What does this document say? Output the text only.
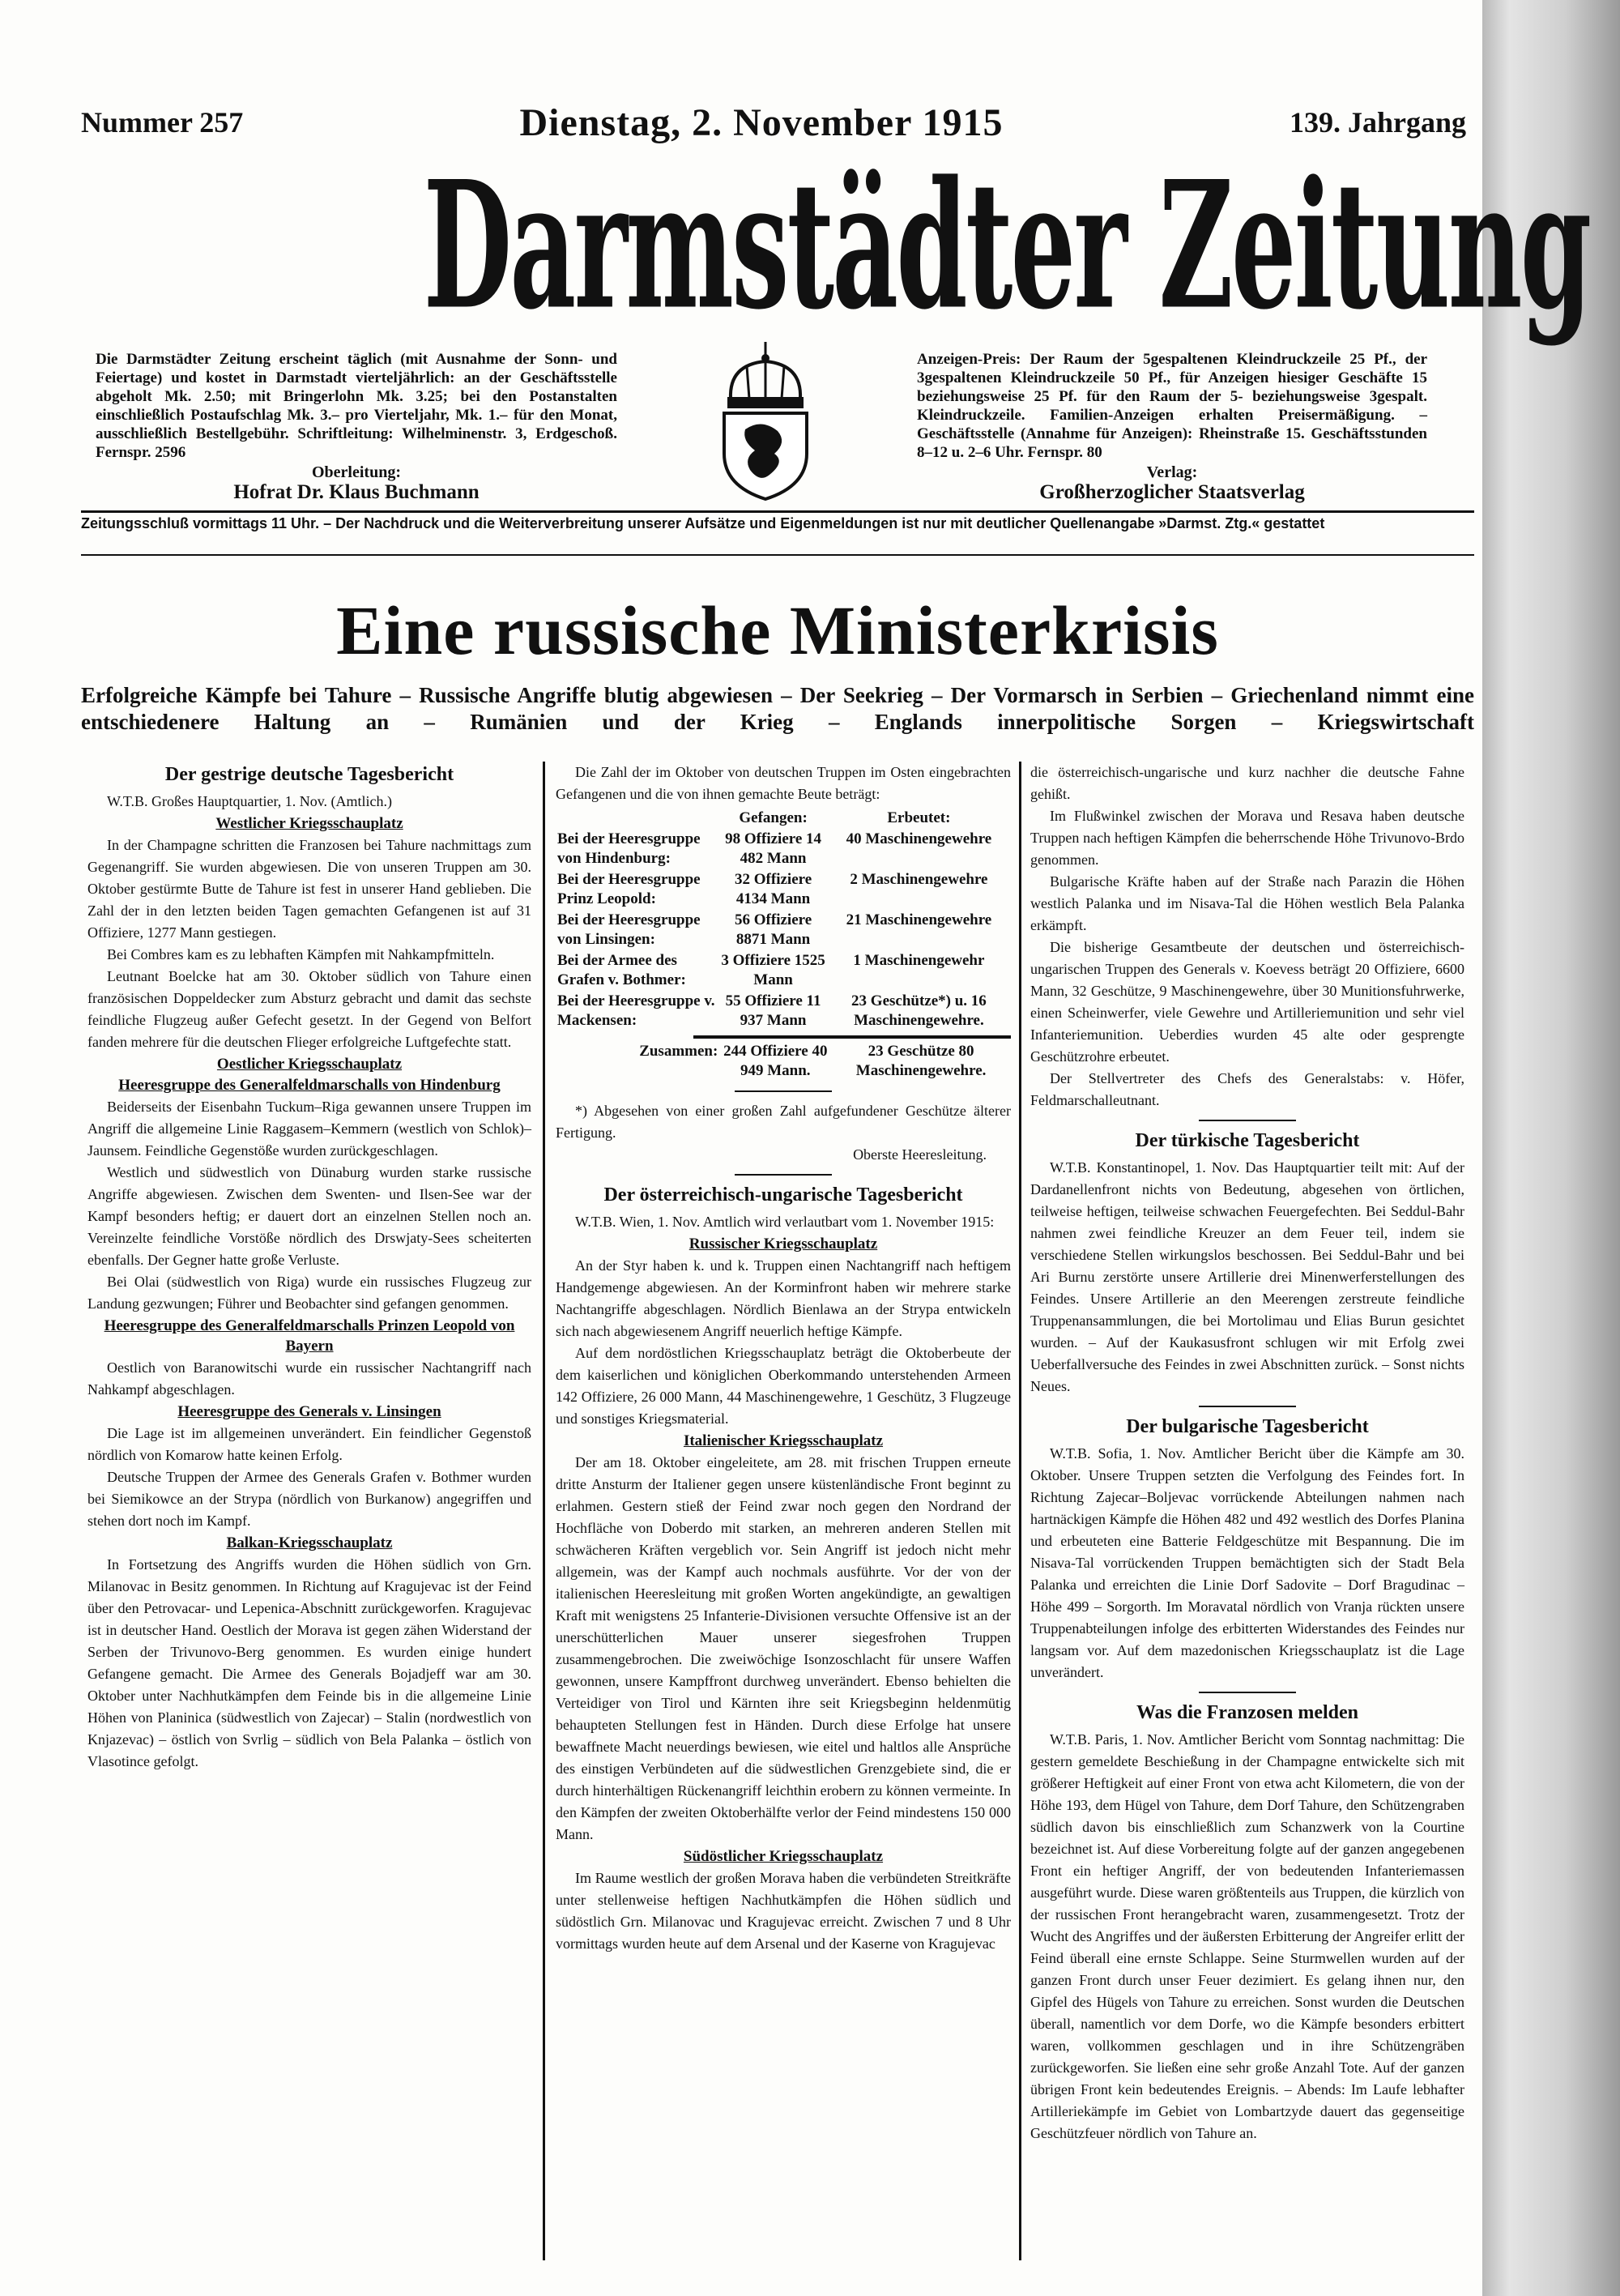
Nummer 257	Dienstag, 2. November 1915	139. Jahrgang
Darmstädter Zeitung
Die Darmstädter Zeitung erscheint täglich (mit Ausnahme der Sonn- und Feiertage) und kostet in Darmstadt vierteljährlich: an der Geschäftsstelle abgeholt Mk. 2.50; mit Bringerlohn Mk. 3.25; bei den Postanstalten einschließlich Postaufschlag Mk. 3.– pro Vierteljahr, Mk. 1.– für den Monat, ausschließlich Bestellgebühr. Schriftleitung: Wilhelminenstr. 3, Erdgeschoß. Fernspr. 2596
Oberleitung:
Hofrat Dr. Klaus Buchmann
Anzeigen-Preis: Der Raum der 5gespaltenen Kleindruckzeile 25 Pf., der 3gespaltenen Kleindruckzeile 50 Pf., für Anzeigen hiesiger Geschäfte 15 beziehungsweise 25 Pf. für den Raum der 5- beziehungsweise 3gespalt. Kleindruckzeile. Familien-Anzeigen erhalten Preisermäßigung. – Geschäftsstelle (Annahme für Anzeigen): Rheinstraße 15. Geschäftsstunden 8–12 u. 2–6 Uhr. Fernspr. 80
Verlag:
Großherzoglicher Staatsverlag
Zeitungsschluß vormittags 11 Uhr. – Der Nachdruck und die Weiterverbreitung unserer Aufsätze und Eigenmeldungen ist nur mit deutlicher Quellenangabe »Darmst. Ztg.« gestattet
Eine russische Ministerkrisis
Erfolgreiche Kämpfe bei Tahure – Russische Angriffe blutig abgewiesen – Der Seekrieg – Der Vormarsch in Serbien – Griechenland nimmt eine entschiedenere Haltung an – Rumänien und der Krieg – Englands innerpolitische Sorgen – Kriegswirtschaft
Der gestrige deutsche Tagesbericht

W.T.B. Großes Hauptquartier, 1. Nov. (Amtlich.)

Westlicher Kriegsschauplatz

In der Champagne schritten die Franzosen bei Tahure nachmittags zum Gegenangriff. Sie wurden abgewiesen. Die von unseren Truppen am 30. Oktober gestürmte Butte de Tahure ist fest in unserer Hand geblieben. Die Zahl der in den letzten beiden Tagen gemachten Gefangenen ist auf 31 Offiziere, 1277 Mann gestiegen.

Bei Combres kam es zu lebhaften Kämpfen mit Nahkampfmitteln.

Leutnant Boelcke hat am 30. Oktober südlich von Tahure einen französischen Doppeldecker zum Absturz gebracht und damit das sechste feindliche Flugzeug außer Gefecht gesetzt. In der Gegend von Belfort fanden mehrere für die deutschen Flieger erfolgreiche Luftgefechte statt.

Oestlicher Kriegsschauplatz
Heeresgruppe des Generalfeldmarschalls von Hindenburg

Beiderseits der Eisenbahn Tuckum–Riga gewannen unsere Truppen im Angriff die allgemeine Linie Raggasem–Kemmern (westlich von Schlok)–Jaunsem. Feindliche Gegenstöße wurden zurückgeschlagen.

Westlich und südwestlich von Dünaburg wurden starke russische Angriffe abgewiesen. Zwischen dem Swenten- und Ilsen-See war der Kampf besonders heftig; er dauert dort an einzelnen Stellen noch an. Vereinzelte feindliche Vorstöße nördlich des Drswjaty-Sees scheiterten ebenfalls. Der Gegner hatte große Verluste.

Bei Olai (südwestlich von Riga) wurde ein russisches Flugzeug zur Landung gezwungen; Führer und Beobachter sind gefangen genommen.

Heeresgruppe des Generalfeldmarschalls Prinzen Leopold von Bayern

Oestlich von Baranowitschi wurde ein russischer Nachtangriff nach Nahkampf abgeschlagen.

Heeresgruppe des Generals v. Linsingen

Die Lage ist im allgemeinen unverändert. Ein feindlicher Gegenstoß nördlich von Komarow hatte keinen Erfolg.

Deutsche Truppen der Armee des Generals Grafen v. Bothmer wurden bei Siemikowce an der Strypa (nördlich von Burkanow) angegriffen und stehen dort noch im Kampf.

Balkan-Kriegsschauplatz

In Fortsetzung des Angriffs wurden die Höhen südlich von Grn. Milanovac in Besitz genommen. In Richtung auf Kragujevac ist der Feind über den Petrovacar- und Lepenica-Abschnitt zurückgeworfen. Kragujevac ist in deutscher Hand. Oestlich der Morava ist gegen zähen Widerstand der Serben der Trivunovo-Berg genommen. Es wurden einige hundert Gefangene gemacht. Die Armee des Generals Bojadjeff war am 30. Oktober unter Nachhutkämpfen dem Feinde bis in die allgemeine Linie Höhen von Planinica (südwestlich von Zajecar) – Stalin (nordwestlich von Knjazevac) – östlich von Svrlig – südlich von Bela Palanka – östlich von Vlasotince gefolgt.

Die Zahl der im Oktober von deutschen Truppen im Osten eingebrachten Gefangenen und die von ihnen gemachte Beute beträgt:

	Gefangen:	Erbeutet:
Bei der Heeresgruppe von Hindenburg:	98 Offiziere 14 482 Mann	40 Maschinengewehre
Bei der Heeresgruppe Prinz Leopold:	32 Offiziere 4134 Mann	2 Maschinengewehre
Bei der Heeresgruppe von Linsingen:	56 Offiziere 8871 Mann	21 Maschinengewehre
Bei der Armee des Grafen v. Bothmer:	3 Offiziere 1525 Mann	1 Maschinengewehr
Bei der Heeresgruppe v. Mackensen:	55 Offiziere 11 937 Mann	23 Geschütze*) u. 16 Maschinengewehre.
Zusammen:	244 Offiziere 40 949 Mann.	23 Geschütze 80 Maschinengewehre.

*) Abgesehen von einer großen Zahl aufgefundener Geschütze älterer Fertigung.

Oberste Heeresleitung.

Der österreichisch-ungarische Tagesbericht

W.T.B. Wien, 1. Nov. Amtlich wird verlautbart vom 1. November 1915:

Russischer Kriegsschauplatz

An der Styr haben k. und k. Truppen einen Nachtangriff nach heftigem Handgemenge abgewiesen. An der Korminfront haben wir mehrere starke Nachtangriffe abgeschlagen. Nördlich Bienlawa an der Strypa entwickeln sich nach abgewiesenem Angriff neuerlich heftige Kämpfe.

Auf dem nordöstlichen Kriegsschauplatz beträgt die Oktoberbeute der dem kaiserlichen und königlichen Oberkommando unterstehenden Armeen 142 Offiziere, 26 000 Mann, 44 Maschinengewehre, 1 Geschütz, 3 Flugzeuge und sonstiges Kriegsmaterial.

Italienischer Kriegsschauplatz

Der am 18. Oktober eingeleitete, am 28. mit frischen Truppen erneute dritte Ansturm der Italiener gegen unsere küstenländische Front beginnt zu erlahmen. Gestern stieß der Feind zwar noch gegen den Nordrand der Hochfläche von Doberdo mit starken, an mehreren anderen Stellen mit schwächeren Kräften vergeblich vor. Sein Angriff ist jedoch nicht mehr allgemein, was der Kampf auch nochmals ausführte. Vor der von der italienischen Heeresleitung mit großen Worten angekündigte, an gewaltigen Kraft mit wenigstens 25 Infanterie-Divisionen versuchte Offensive ist an der unerschütterlichen Mauer unserer siegesfrohen Truppen zusammengebrochen. Die zweiwöchige Isonzoschlacht für unsere Waffen gewonnen, unsere Kampffront durchweg unverändert. Ebenso behielten die Verteidiger von Tirol und Kärnten ihre seit Kriegsbeginn heldenmütig behaupteten Stellungen fest in Händen. Durch diese Erfolge hat unsere bewaffnete Macht neuerdings bewiesen, wie eitel und haltlos alle Ansprüche des einstigen Verbündeten auf die südwestlichen Grenzgebiete sind, die er durch hinterhältigen Rückenangriff leichthin erobern zu können vermeinte. In den Kämpfen der zweiten Oktoberhälfte verlor der Feind mindestens 150 000 Mann.

Südöstlicher Kriegsschauplatz

Im Raume westlich der großen Morava haben die verbündeten Streitkräfte unter stellenweise heftigen Nachhutkämpfen die Höhen südlich und südöstlich Grn. Milanovac und Kragujevac erreicht. Zwischen 7 und 8 Uhr vormittags wurden heute auf dem Arsenal und der Kaserne von Kragujevac

die österreichisch-ungarische und kurz nachher die deutsche Fahne gehißt.

Im Flußwinkel zwischen der Morava und Resava haben deutsche Truppen nach heftigen Kämpfen die beherrschende Höhe Trivunovo-Brdo genommen.

Bulgarische Kräfte haben auf der Straße nach Parazin die Höhen westlich Palanka und im Nisava-Tal die Höhen westlich Bela Palanka erkämpft.

Die bisherige Gesamtbeute der deutschen und österreichisch-ungarischen Truppen des Generals v. Koevess beträgt 20 Offiziere, 6600 Mann, 32 Geschütze, 9 Maschinengewehre, über 30 Munitionsfuhrwerke, einen Scheinwerfer, viele Gewehre und Artilleriemunition und sehr viel Infanteriemunition. Ueberdies wurden 45 alte oder gesprengte Geschützrohre erbeutet.

Der Stellvertreter des Chefs des Generalstabs: v. Höfer, Feldmarschalleutnant.

Der türkische Tagesbericht

W.T.B. Konstantinopel, 1. Nov. Das Hauptquartier teilt mit: Auf der Dardanellenfront nichts von Bedeutung, abgesehen von örtlichen, teilweise heftigen, teilweise schwachen Feuergefechten. Bei Seddul-Bahr nahmen zwei feindliche Kreuzer an dem Feuer teil, indem sie verschiedene Stellen wirkungslos beschossen. Bei Seddul-Bahr und bei Ari Burnu zerstörte unsere Artillerie drei Minenwerferstellungen des Feindes. Unsere Artillerie an den Meerengen zerstreute feindliche Truppenansammlungen, die bei Mortolimau und Elias Burun gesichtet wurden. – Auf der Kaukasusfront schlugen wir mit Erfolg zwei Ueberfallversuche des Feindes in zwei Abschnitten zurück. – Sonst nichts Neues.

Der bulgarische Tagesbericht

W.T.B. Sofia, 1. Nov. Amtlicher Bericht über die Kämpfe am 30. Oktober. Unsere Truppen setzten die Verfolgung des Feindes fort. In Richtung Zajecar–Boljevac vorrückende Abteilungen nahmen nach hartnäckigen Kämpfe die Höhen 482 und 492 westlich des Dorfes Planina und erbeuteten eine Batterie Feldgeschütze mit Bespannung. Die im Nisava-Tal vorrückenden Truppen bemächtigten sich der Stadt Bela Palanka und erreichten die Linie Dorf Sadovite – Dorf Bragudinac – Höhe 499 – Sorgorth. Im Moravatal nördlich von Vranja rückten unsere Truppenabteilungen infolge des erbitterten Widerstandes des Feindes nur langsam vor. Auf dem mazedonischen Kriegsschauplatz ist die Lage unverändert.

Was die Franzosen melden

W.T.B. Paris, 1. Nov. Amtlicher Bericht vom Sonntag nachmittag: Die gestern gemeldete Beschießung in der Champagne entwickelte sich mit größerer Heftigkeit auf einer Front von etwa acht Kilometern, die von der Höhe 193, dem Hügel von Tahure, dem Dorf Tahure, den Schützengraben südlich davon bis einschließlich zum Schanzwerk von la Courtine bezeichnet ist. Auf diese Vorbereitung folgte auf der ganzen angegebenen Front ein heftiger Angriff, der von bedeutenden Infanteriemassen ausgeführt wurde. Diese waren größtenteils aus Truppen, die kürzlich von der russischen Front herangebracht waren, zusammengesetzt. Trotz der Wucht des Angriffes und der äußersten Erbitterung der Angreifer erlitt der Feind überall eine ernste Schlappe. Seine Sturmwellen wurden auf der ganzen Front durch unser Feuer dezimiert. Es gelang ihnen nur, den Gipfel des Hügels von Tahure zu erreichen. Sonst wurden die Deutschen überall, namentlich vor dem Dorfe, wo die Kämpfe besonders erbittert waren, vollkommen geschlagen und in ihre Schützengräben zurückgeworfen. Sie ließen eine sehr große Anzahl Tote. Auf der ganzen übrigen Front kein bedeutendes Ereignis. – Abends: Im Laufe lebhafter Artilleriekämpfe im Gebiet von Lombartzyde dauert das gegenseitige Geschützfeuer nördlich von Tahure an.
